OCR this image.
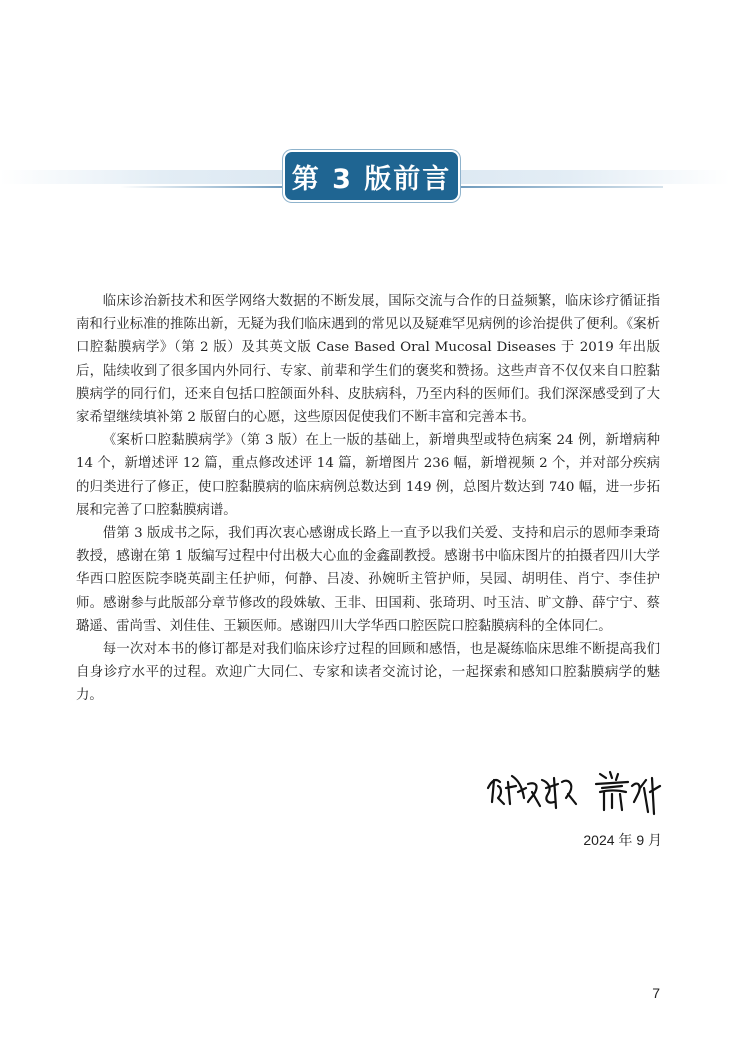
第 3 版前言

临床诊治新技术和医学网络大数据的不断发展，国际交流与合作的日益频繁，临床诊疗循证指南和行业标准的推陈出新，无疑为我们临床遇到的常见以及疑难罕见病例的诊治提供了便利。《案析口腔黏膜病学》（第 2 版）及其英文版 Case Based Oral Mucosal Diseases 于 2019 年出版后，陆续收到了很多国内外同行、专家、前辈和学生们的褒奖和赞扬。这些声音不仅仅来自口腔黏膜病学的同行们，还来自包括口腔颌面外科、皮肤病科，乃至内科的医师们。我们深深感受到了大家希望继续填补第 2 版留白的心愿，这些原因促使我们不断丰富和完善本书。

《案析口腔黏膜病学》（第 3 版）在上一版的基础上，新增典型或特色病案 24 例，新增病种 14 个，新增述评 12 篇，重点修改述评 14 篇，新增图片 236 幅，新增视频 2 个，并对部分疾病的归类进行了修正，使口腔黏膜病的临床病例总数达到 149 例，总图片数达到 740 幅，进一步拓展和完善了口腔黏膜病谱。

借第 3 版成书之际，我们再次衷心感谢成长路上一直予以我们关爱、支持和启示的恩师李秉琦教授，感谢在第 1 版编写过程中付出极大心血的金鑫副教授。感谢书中临床图片的拍摄者四川大学华西口腔医院李晓英副主任护师，何静、吕凌、孙婉昕主管护师，吴园、胡明佳、肖宁、李佳护师。感谢参与此版部分章节修改的段姝敏、王非、田国莉、张琦玥、吋玉洁、旷文静、薛宁宁、蔡璐遥、雷尚雪、刘佳佳、王颖医师。感谢四川大学华西口腔医院口腔黏膜病科的全体同仁。

每一次对本书的修订都是对我们临床诊疗过程的回顾和感悟，也是凝练临床思维不断提高我们自身诊疗水平的过程。欢迎广大同仁、专家和读者交流讨论，一起探索和感知口腔黏膜病学的魅力。

2024 年 9 月
7
